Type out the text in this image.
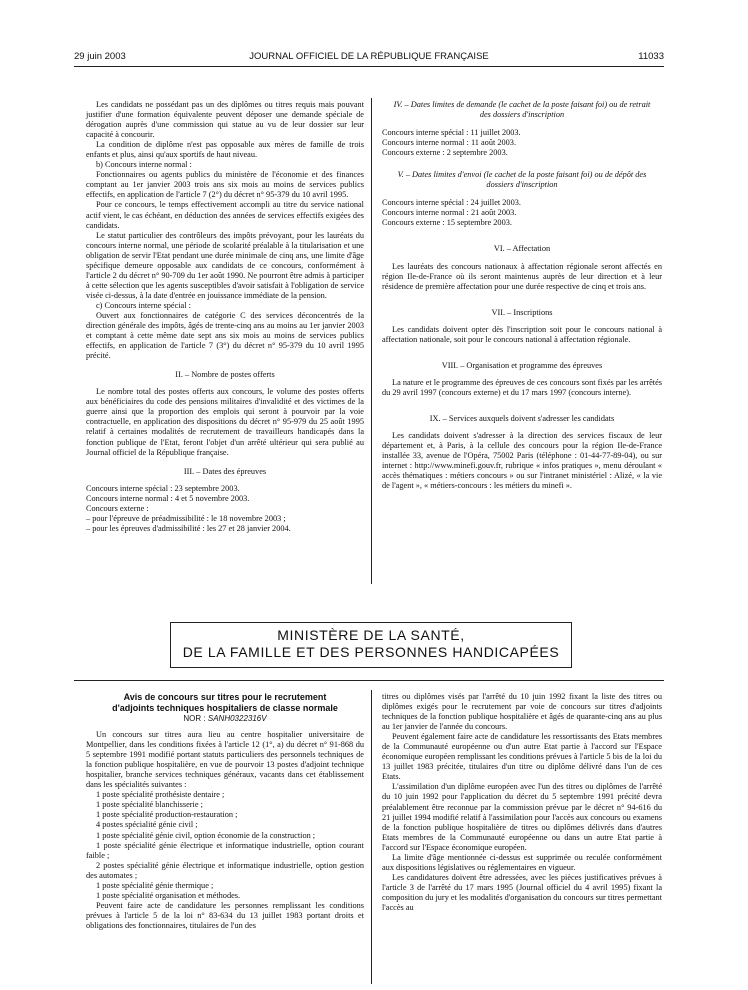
29 juin 2003	JOURNAL OFFICIEL DE LA RÉPUBLIQUE FRANÇAISE	11033

Les candidats ne possédant pas un des diplômes ou titres requis mais pouvant justifier d'une formation équivalente peuvent déposer une demande spéciale de dérogation auprès d'une commission qui statue au vu de leur dossier sur leur capacité à concourir.

La condition de diplôme n'est pas opposable aux mères de famille de trois enfants et plus, ainsi qu'aux sportifs de haut niveau.

b) Concours interne normal :

Fonctionnaires ou agents publics du ministère de l'économie et des finances comptant au 1er janvier 2003 trois ans six mois au moins de services publics effectifs, en application de l'article 7 (2°) du décret n° 95-379 du 10 avril 1995.

Pour ce concours, le temps effectivement accompli au titre du service national actif vient, le cas échéant, en déduction des années de services effectifs exigées des candidats.

Le statut particulier des contrôleurs des impôts prévoyant, pour les lauréats du concours interne normal, une période de scolarité préalable à la titularisation et une obligation de servir l'Etat pendant une durée minimale de cinq ans, une limite d'âge spécifique demeure opposable aux candidats de ce concours, conformément à l'article 2 du décret n° 90-709 du 1er août 1990. Ne pourront être admis à participer à cette sélection que les agents susceptibles d'avoir satisfait à l'obligation de service visée ci-dessus, à la date d'entrée en jouissance immédiate de la pension.

c) Concours interne spécial :

Ouvert aux fonctionnaires de catégorie C des services déconcentrés de la direction générale des impôts, âgés de trente-cinq ans au moins au 1er janvier 2003 et comptant à cette même date sept ans six mois au moins de services publics effectifs, en application de l'article 7 (3°) du décret n° 95-379 du 10 avril 1995 précité.

II. – Nombre de postes offerts

Le nombre total des postes offerts aux concours, le volume des postes offerts aux bénéficiaires du code des pensions militaires d'invalidité et des victimes de la guerre ainsi que la proportion des emplois qui seront à pourvoir par la voie contractuelle, en application des dispositions du décret n° 95-979 du 25 août 1995 relatif à certaines modalités de recrutement de travailleurs handicapés dans la fonction publique de l'Etat, feront l'objet d'un arrêté ultérieur qui sera publié au Journal officiel de la République française.

III. – Dates des épreuves

Concours interne spécial : 23 septembre 2003.

Concours interne normal : 4 et 5 novembre 2003.

Concours externe :

– pour l'épreuve de préadmissibilité : le 18 novembre 2003 ;

– pour les épreuves d'admissibilité : les 27 et 28 janvier 2004.

IV. – Dates limites de demande (le cachet de la poste faisant foi) ou de retrait des dossiers d'inscription

Concours interne spécial : 11 juillet 2003.

Concours interne normal : 11 août 2003.

Concours externe : 2 septembre 2003.

V. – Dates limites d'envoi (le cachet de la poste faisant foi) ou de dépôt des dossiers d'inscription

Concours interne spécial : 24 juillet 2003.

Concours interne normal : 21 août 2003.

Concours externe : 15 septembre 2003.

VI. – Affectation

Les lauréats des concours nationaux à affectation régionale seront affectés en région Ile-de-France où ils seront maintenus auprès de leur direction et à leur résidence de première affectation pour une durée respective de cinq et trois ans.

VII. – Inscriptions

Les candidats doivent opter dès l'inscription soit pour le concours national à affectation nationale, soit pour le concours national à affectation régionale.

VIII. – Organisation et programme des épreuves

La nature et le programme des épreuves de ces concours sont fixés par les arrêtés du 29 avril 1997 (concours externe) et du 17 mars 1997 (concours interne).

IX. – Services auxquels doivent s'adresser les candidats

Les candidats doivent s'adresser à la direction des services fiscaux de leur département et, à Paris, à la cellule des concours pour la région Ile-de-France installée 33, avenue de l'Opéra, 75002 Paris (téléphone : 01-44-77-89-04), ou sur internet : http://www.minefi.gouv.fr, rubrique « infos pratiques », menu déroulant « accès thématiques : métiers concours » ou sur l'intranet ministériel : Alizé, « la vie de l'agent », « métiers-concours : les métiers du minefi ».

MINISTÈRE DE LA SANTÉ,
DE LA FAMILLE ET DES PERSONNES HANDICAPÉES
Avis de concours sur titres pour le recrutement
d'adjoints techniques hospitaliers de classe normale
NOR : SANH0322316V

Un concours sur titres aura lieu au centre hospitalier universitaire de Montpellier, dans les conditions fixées à l'article 12 (1°, a) du décret n° 91-868 du 5 septembre 1991 modifié portant statuts particuliers des personnels techniques de la fonction publique hospitalière, en vue de pourvoir 13 postes d'adjoint technique hospitalier, branche services techniques généraux, vacants dans cet établissement dans les spécialités suivantes :

1 poste spécialité prothésiste dentaire ;

1 poste spécialité blanchisserie ;

1 poste spécialité production-restauration ;

4 postes spécialité génie civil ;

1 poste spécialité génie civil, option économie de la construction ;

1 poste spécialité génie électrique et informatique industrielle, option courant faible ;

2 postes spécialité génie électrique et informatique industrielle, option gestion des automates ;

1 poste spécialité génie thermique ;

1 poste spécialité organisation et méthodes.

Peuvent faire acte de candidature les personnes remplissant les conditions prévues à l'article 5 de la loi n° 83-634 du 13 juillet 1983 portant droits et obligations des fonctionnaires, titulaires de l'un des

titres ou diplômes visés par l'arrêté du 10 juin 1992 fixant la liste des titres ou diplômes exigés pour le recrutement par voie de concours sur titres d'adjoints techniques de la fonction publique hospitalière et âgés de quarante-cinq ans au plus au 1er janvier de l'année du concours.

Peuvent également faire acte de candidature les ressortissants des Etats membres de la Communauté européenne ou d'un autre Etat partie à l'accord sur l'Espace économique européen remplissant les conditions prévues à l'article 5 bis de la loi du 13 juillet 1983 précitée, titulaires d'un titre ou diplôme délivré dans l'un de ces Etats.

L'assimilation d'un diplôme européen avec l'un des titres ou diplômes de l'arrêté du 10 juin 1992 pour l'application du décret du 5 septembre 1991 précité devra préalablement être reconnue par la commission prévue par le décret n° 94-616 du 21 juillet 1994 modifié relatif à l'assimilation pour l'accès aux concours ou examens de la fonction publique hospitalière de titres ou diplômes délivrés dans d'autres Etats membres de la Communauté européenne ou dans un autre Etat partie à l'accord sur l'Espace économique européen.

La limite d'âge mentionnée ci-dessus est supprimée ou reculée conformément aux dispositions législatives ou réglementaires en vigueur.

Les candidatures doivent être adressées, avec les pièces justificatives prévues à l'article 3 de l'arrêté du 17 mars 1995 (Journal officiel du 4 avril 1995) fixant la composition du jury et les modalités d'organisation du concours sur titres permettant l'accès au
